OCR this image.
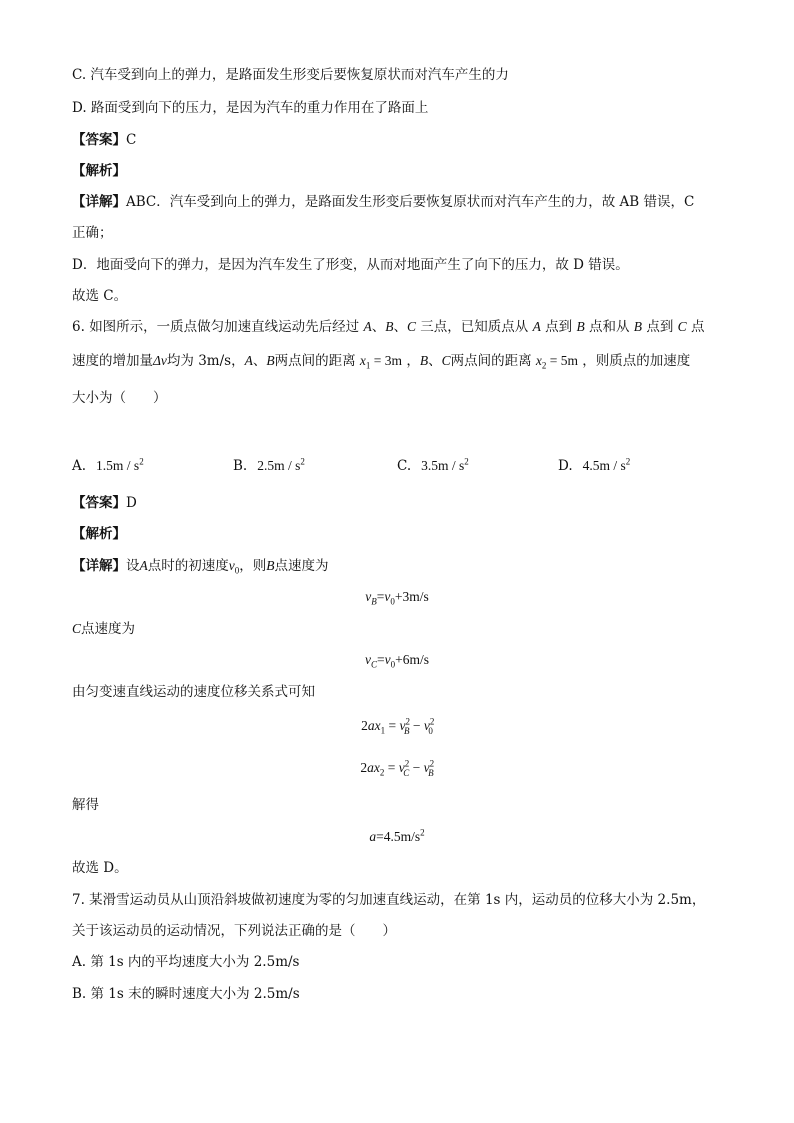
C. 汽车受到向上的弹力，是路面发生形变后要恢复原状而对汽车产生的力
D. 路面受到向下的压力，是因为汽车的重力作用在了路面上
【答案】C
【解析】
【详解】ABC．汽车受到向上的弹力，是路面发生形变后要恢复原状而对汽车产生的力，故 AB 错误，C
正确；
D．地面受向下的弹力，是因为汽车发生了形变，从而对地面产生了向下的压力，故 D 错误。
故选 C。
6. 如图所示，一质点做匀加速直线运动先后经过 A、B、C 三点，已知质点从 A 点到 B 点和从 B 点到 C 点
速度的增加量Δv均为 3m/s，A、B两点间的距离 $x_1 = 3m$ ，B、C两点间的距离 $x_2 = 5m$ ，则质点的加速度
大小为（　　）
A. $1.5m / s^2$	B. $2.5m / s^2$	C. $3.5m / s^2$	D. $4.5m / s^2$
【答案】D
【解析】
【详解】设A点时的初速度$v_0$，则B点速度为
$v_B=v_0+3m/s$
C点速度为
$v_C=v_0+6m/s$
由匀变速直线运动的速度位移关系式可知
$2ax_1 = v^2_B - v^2_0$
$2ax_2 = v^2_C - v^2_B$
解得
$a=4.5m/s^2$
故选 D。
7. 某滑雪运动员从山顶沿斜坡做初速度为零的匀加速直线运动，在第 1s 内，运动员的位移大小为 2.5m，
关于该运动员的运动情况，下列说法正确的是（　　）
A. 第 1s 内的平均速度大小为 2.5m/s
B. 第 1s 末的瞬时速度大小为 2.5m/s
